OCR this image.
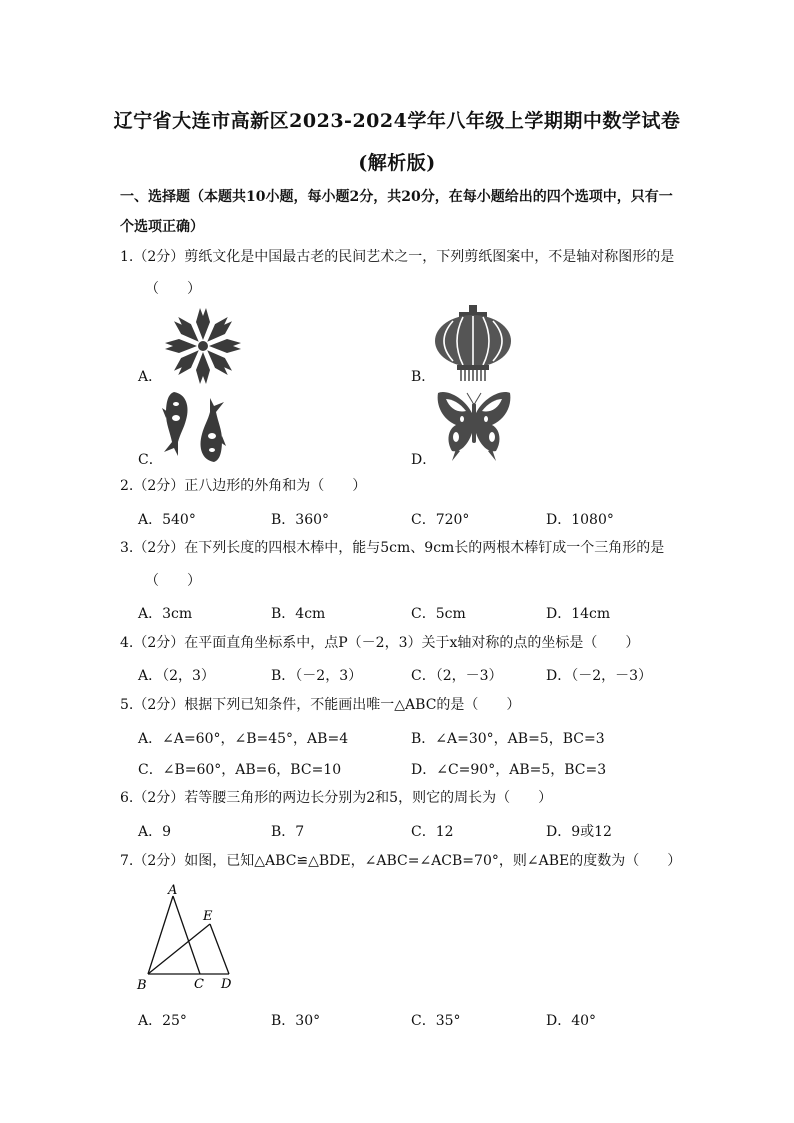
辽宁省大连市高新区2023-2024学年八年级上学期期中数学试卷
(解析版)
一、选择题（本题共10小题，每小题2分，共20分，在每小题给出的四个选项中，只有一个选项正确）
1.（2分）剪纸文化是中国最古老的民间艺术之一，下列剪纸图案中，不是轴对称图形的是
（　　）
A．	B．
C．	D．
2.（2分）正八边形的外角和为（　　）
A．540°	B．360°	C．720°	D．1080°
3.（2分）在下列长度的四根木棒中，能与5cm、9cm长的两根木棒钉成一个三角形的是
（　　）
A．3cm	B．4cm	C．5cm	D．14cm
4.（2分）在平面直角坐标系中，点P（－2，3）关于x轴对称的点的坐标是（　　）
A．（2，3）	B．（－2，3）	C．（2，－3）	D．（－2，－3）
5.（2分）根据下列已知条件，不能画出唯一△ABC的是（　　）
A．∠A=60°，∠B=45°，AB=4	B．∠A=30°，AB=5，BC=3
C．∠B=60°，AB=6，BC=10	D．∠C=90°，AB=5，BC=3
6.（2分）若等腰三角形的两边长分别为2和5，则它的周长为（　　）
A．9	B．7	C．12	D．9或12
7.（2分）如图，已知△ABC≌△BDE，∠ABC=∠ACB=70°，则∠ABE的度数为（　　）
A
E
B	C D
A．25°	B．30°	C．35°	D．40°
